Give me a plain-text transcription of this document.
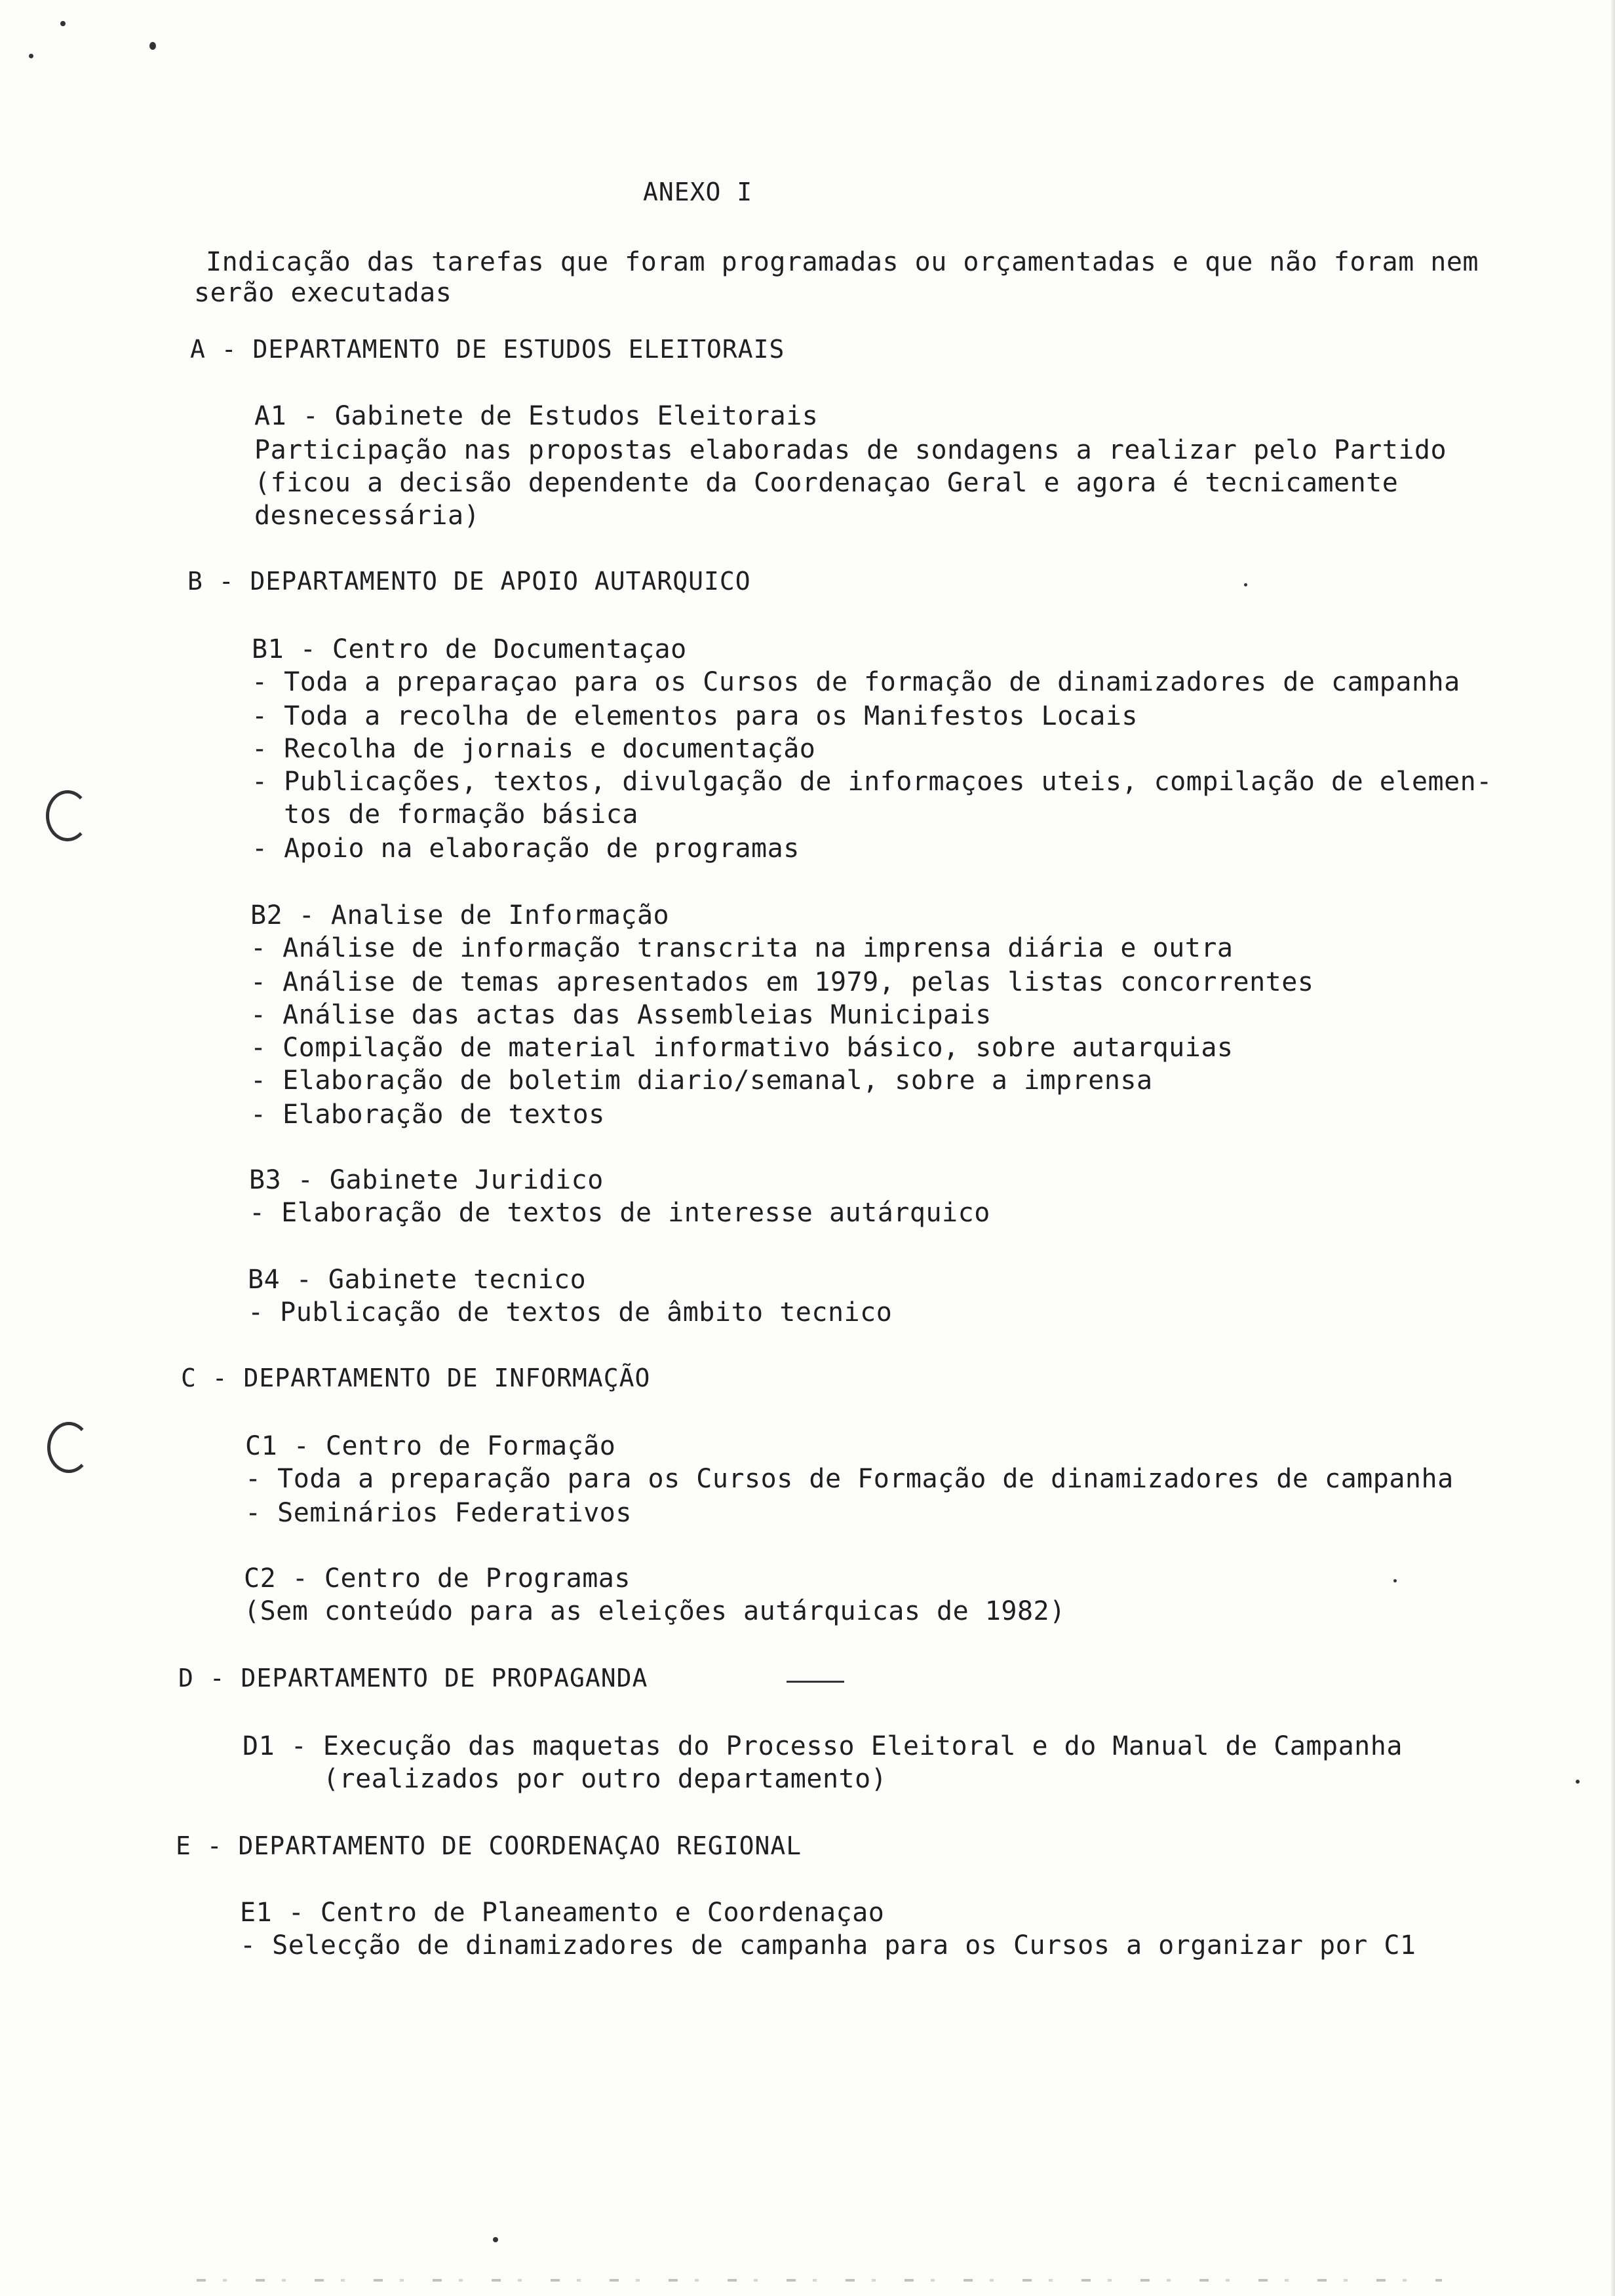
ANEXO I
Indicação das tarefas que foram programadas ou orçamentadas e que não foram nem
serão executadas
A - DEPARTAMENTO DE ESTUDOS ELEITORAIS
A1 - Gabinete de Estudos Eleitorais
Participação nas propostas elaboradas de sondagens a realizar pelo Partido
(ficou a decisão dependente da Coordenaçao Geral e agora é tecnicamente
desnecessária)
B - DEPARTAMENTO DE APOIO AUTARQUICO
B1 - Centro de Documentaçao
- Toda a preparaçao para os Cursos de formação de dinamizadores de campanha
- Toda a recolha de elementos para os Manifestos Locais
- Recolha de jornais e documentação
- Publicações, textos, divulgação de informaçoes uteis, compilação de elemen-
tos de formação básica
- Apoio na elaboração de programas
B2 - Analise de Informação
- Análise de informação transcrita na imprensa diária e outra
- Análise de temas apresentados em 1979, pelas listas concorrentes
- Análise das actas das Assembleias Municipais
- Compilação de material informativo básico, sobre autarquias
- Elaboração de boletim diario/semanal, sobre a imprensa
- Elaboração de textos
B3 - Gabinete Juridico
- Elaboração de textos de interesse autárquico
B4 - Gabinete tecnico
- Publicação de textos de âmbito tecnico
C - DEPARTAMENTO DE INFORMAÇÃO
C1 - Centro de Formação
- Toda a preparação para os Cursos de Formação de dinamizadores de campanha
- Seminários Federativos
C2 - Centro de Programas
(Sem conteúdo para as eleições autárquicas de 1982)
D - DEPARTAMENTO DE PROPAGANDA
D1 - Execução das maquetas do Processo Eleitoral e do Manual de Campanha
(realizados por outro departamento)
E - DEPARTAMENTO DE COORDENAÇAO REGIONAL
E1 - Centro de Planeamento e Coordenaçao
- Selecção de dinamizadores de campanha para os Cursos a organizar por C1
